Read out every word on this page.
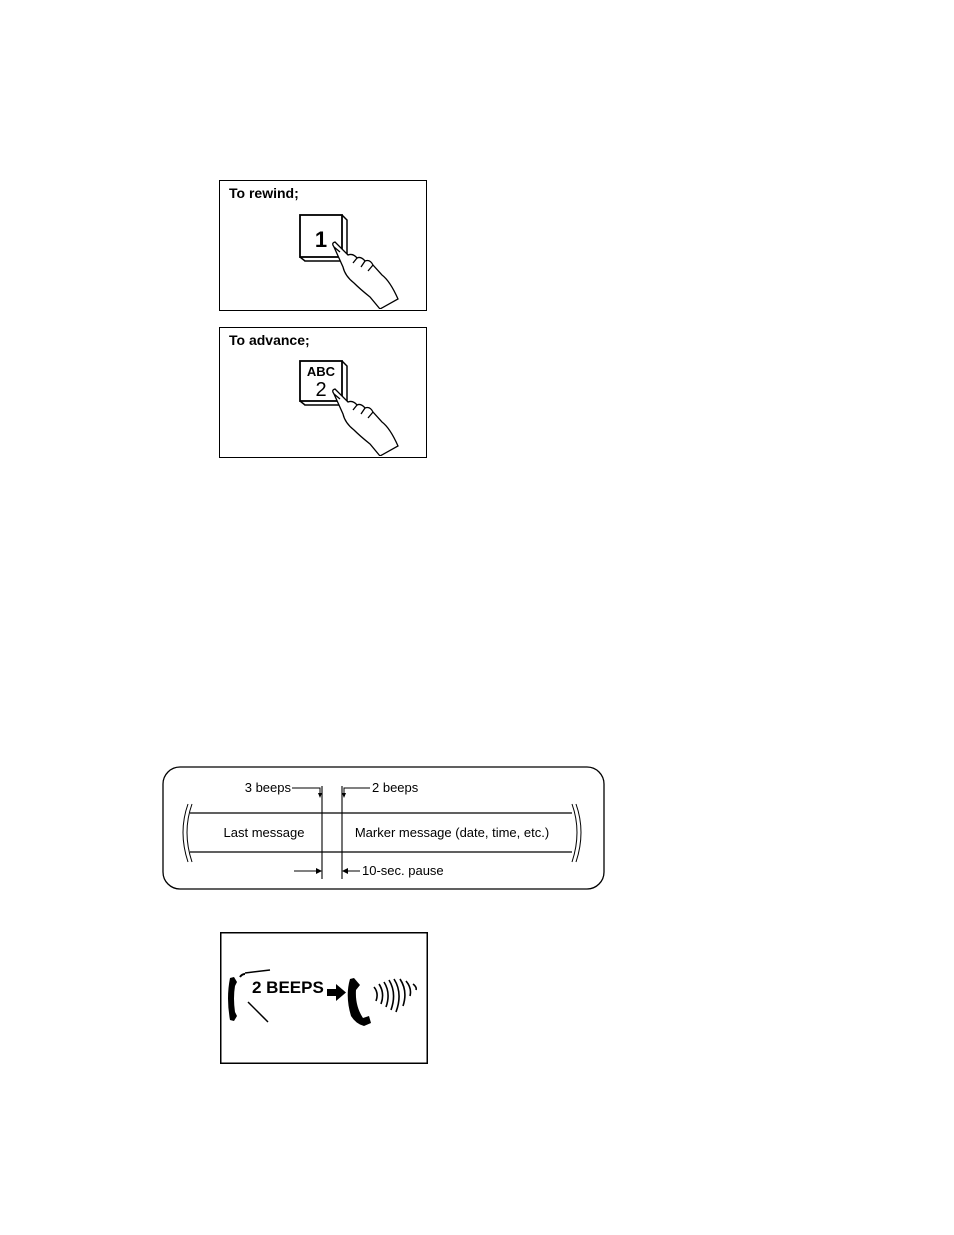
To rewind;
1
To advance;
ABC
2
3 beeps	2 beeps
Last message	Marker message (date, time, etc.)
10-sec. pause
2 BEEPS
